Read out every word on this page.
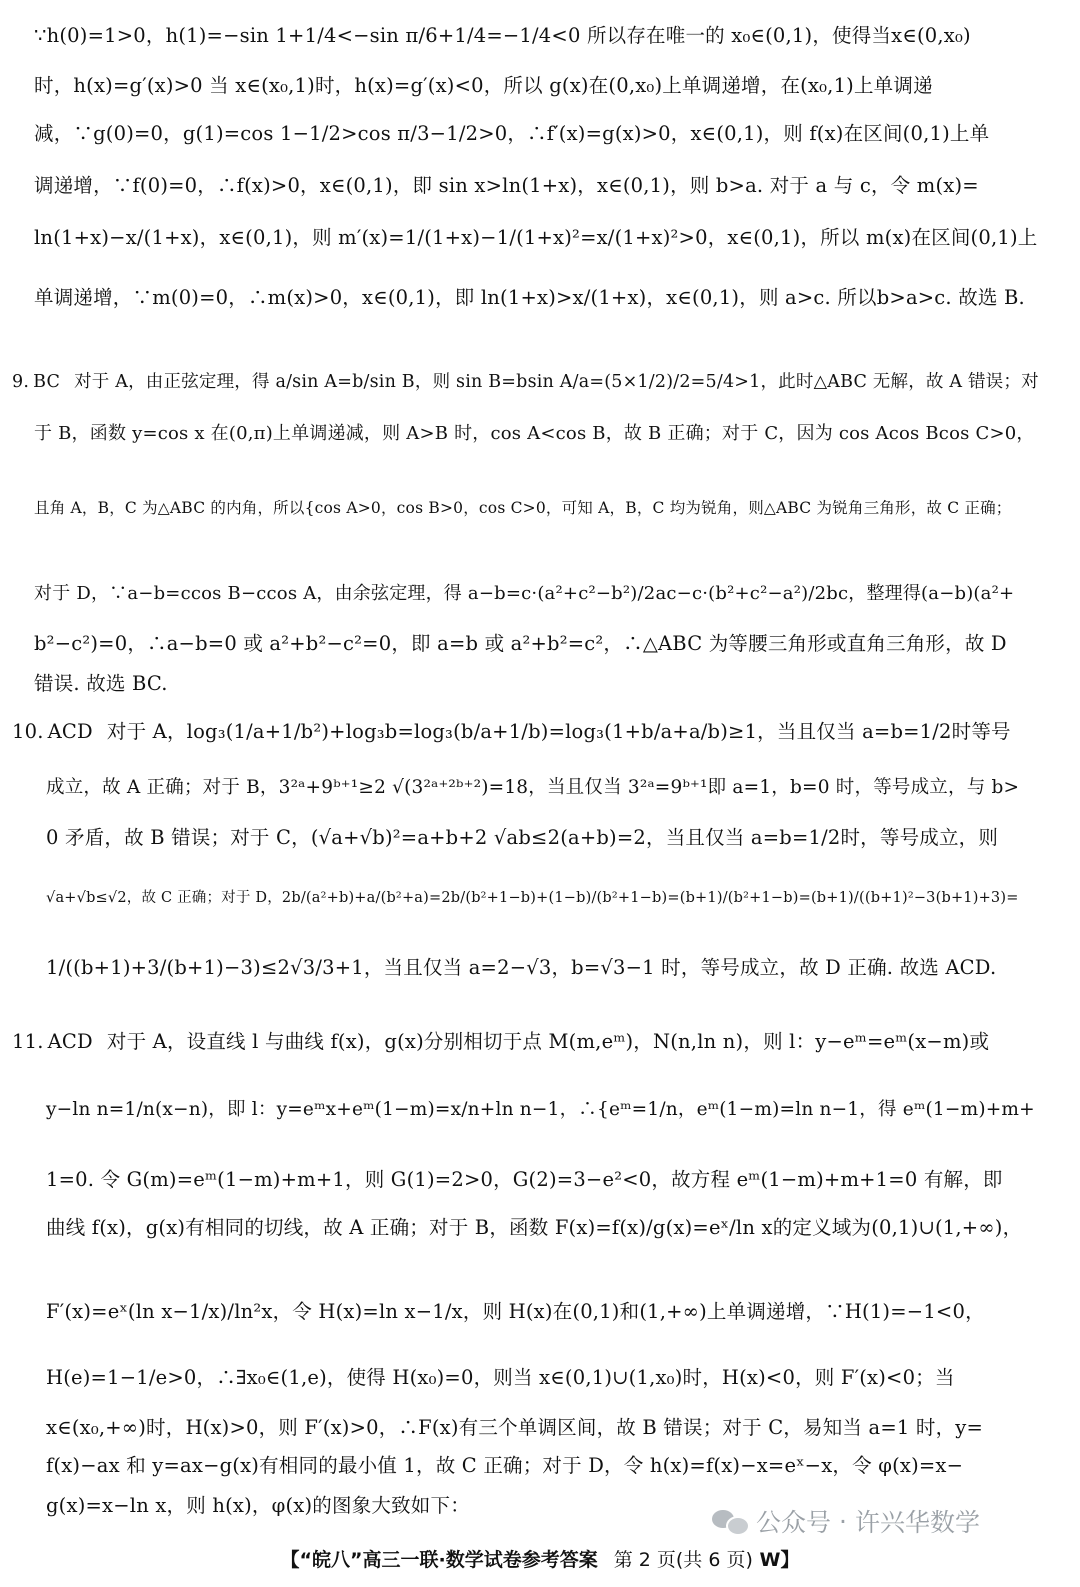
∵h(0)=1>0，h(1)=−sin 1+1/4<−sin π/6+1/4=−1/4<0 所以存在唯一的 x₀∈(0,1)，使得当x∈(0,x₀)
时，h(x)=g′(x)>0 当 x∈(x₀,1)时，h(x)=g′(x)<0，所以 g(x)在(0,x₀)上单调递增，在(x₀,1)上单调递
减，∵g(0)=0，g(1)=cos 1−1/2>cos π/3−1/2>0，∴f′(x)=g(x)>0，x∈(0,1)，则 f(x)在区间(0,1)上单
调递增，∵f(0)=0，∴f(x)>0，x∈(0,1)，即 sin x>ln(1+x)，x∈(0,1)，则 b>a. 对于 a 与 c，令 m(x)=
ln(1+x)−x/(1+x)，x∈(0,1)，则 m′(x)=1/(1+x)−1/(1+x)²=x/(1+x)²>0，x∈(0,1)，所以 m(x)在区间(0,1)上
单调递增，∵m(0)=0，∴m(x)>0，x∈(0,1)，即 ln(1+x)>x/(1+x)，x∈(0,1)，则 a>c. 所以b>a>c. 故选 B.
9. BC 对于 A，由正弦定理，得 a/sin A=b/sin B，则 sin B=bsin A/a=(5×1/2)/2=5/4>1，此时△ABC 无解，故 A 错误；对
于 B，函数 y=cos x 在(0,π)上单调递减，则 A>B 时，cos A<cos B，故 B 正确；对于 C，因为 cos Acos Bcos C>0，
且角 A，B，C 为△ABC 的内角，所以{cos A>0，cos B>0，cos C>0，可知 A，B，C 均为锐角，则△ABC 为锐角三角形，故 C 正确；
对于 D，∵a−b=ccos B−ccos A，由余弦定理，得 a−b=c·(a²+c²−b²)/2ac−c·(b²+c²−a²)/2bc，整理得(a−b)(a²+
b²−c²)=0，∴a−b=0 或 a²+b²−c²=0，即 a=b 或 a²+b²=c²，∴△ABC 为等腰三角形或直角三角形，故 D
错误. 故选 BC.
10. ACD 对于 A，log₃(1/a+1/b²)+log₃b=log₃(b/a+1/b)=log₃(1+b/a+a/b)≥1，当且仅当 a=b=1/2时等号
成立，故 A 正确；对于 B，3²ᵃ+9ᵇ⁺¹≥2 √(3²ᵃ⁺²ᵇ⁺²)=18，当且仅当 3²ᵃ=9ᵇ⁺¹即 a=1，b=0 时，等号成立，与 b>
0 矛盾，故 B 错误；对于 C，(√a+√b)²=a+b+2 √ab≤2(a+b)=2，当且仅当 a=b=1/2时，等号成立，则
√a+√b≤√2，故 C 正确；对于 D，2b/(a²+b)+a/(b²+a)=2b/(b²+1−b)+(1−b)/(b²+1−b)=(b+1)/(b²+1−b)=(b+1)/((b+1)²−3(b+1)+3)=
1/((b+1)+3/(b+1)−3)≤2√3/3+1，当且仅当 a=2−√3，b=√3−1 时，等号成立，故 D 正确. 故选 ACD.
11. ACD 对于 A，设直线 l 与曲线 f(x)，g(x)分别相切于点 M(m,eᵐ)，N(n,ln n)，则 l：y−eᵐ=eᵐ(x−m)或
y−ln n=1/n(x−n)，即 l：y=eᵐx+eᵐ(1−m)=x/n+ln n−1，∴{eᵐ=1/n，eᵐ(1−m)=ln n−1，得 eᵐ(1−m)+m+
1=0. 令 G(m)=eᵐ(1−m)+m+1，则 G(1)=2>0，G(2)=3−e²<0，故方程 eᵐ(1−m)+m+1=0 有解，即
曲线 f(x)，g(x)有相同的切线，故 A 正确；对于 B，函数 F(x)=f(x)/g(x)=eˣ/ln x的定义域为(0,1)∪(1,+∞)，
F′(x)=eˣ(ln x−1/x)/ln²x，令 H(x)=ln x−1/x，则 H(x)在(0,1)和(1,+∞)上单调递增，∵H(1)=−1<0，
H(e)=1−1/e>0，∴∃x₀∈(1,e)，使得 H(x₀)=0，则当 x∈(0,1)∪(1,x₀)时，H(x)<0，则 F′(x)<0；当
x∈(x₀,+∞)时，H(x)>0，则 F′(x)>0，∴F(x)有三个单调区间，故 B 错误；对于 C，易知当 a=1 时，y=
f(x)−ax 和 y=ax−g(x)有相同的最小值 1，故 C 正确；对于 D，令 h(x)=f(x)−x=eˣ−x，令 φ(x)=x−
g(x)=x−ln x，则 h(x)，φ(x)的图象大致如下：
公众号 · 许兴华数学
【“皖八”高三一联·数学试卷参考答案 第 2 页(共 6 页) W】
